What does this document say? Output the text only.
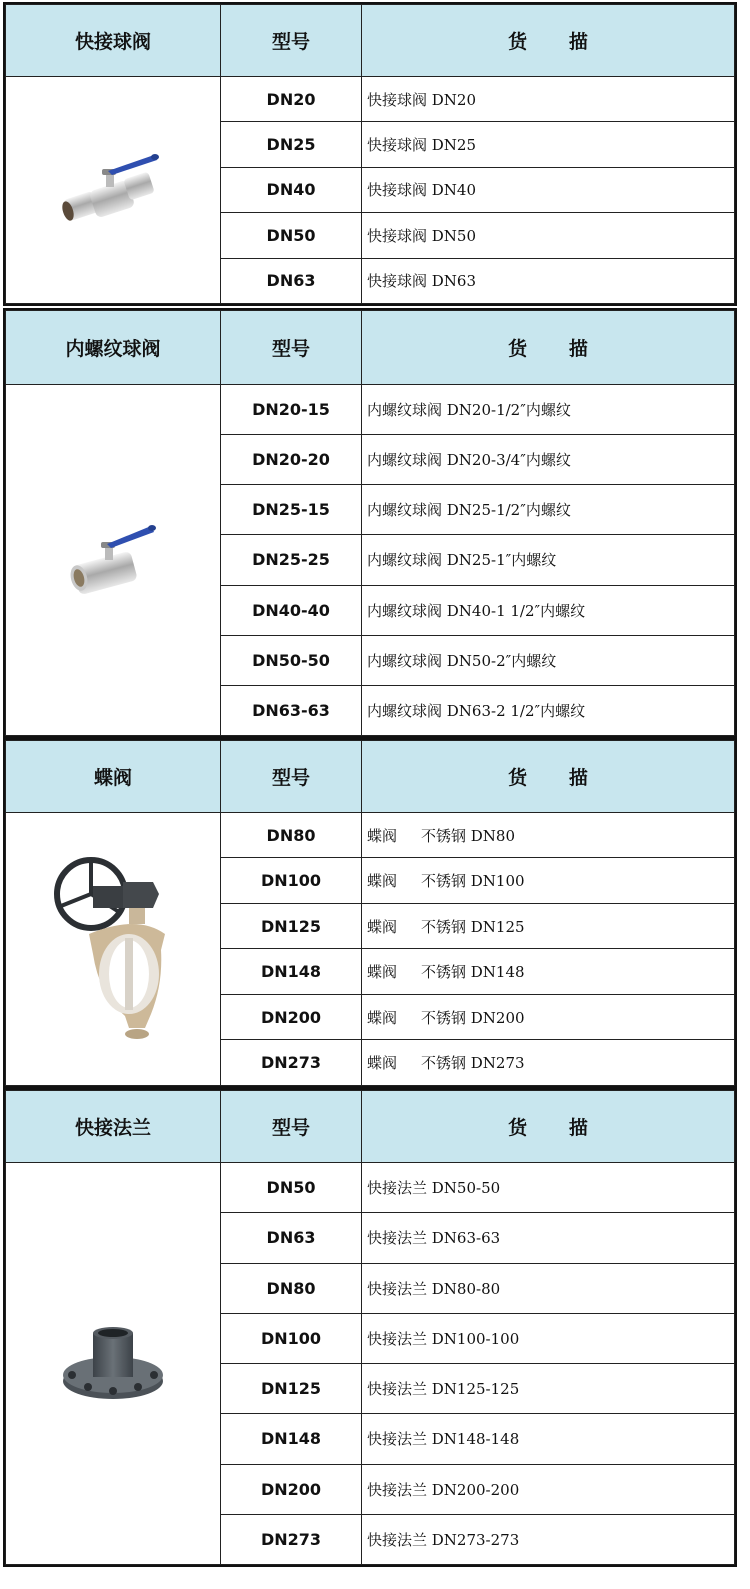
快接球阀	型号	货 描

	DN20	快接球阀 DN20
	DN25	快接球阀 DN25
	DN40	快接球阀 DN40
	DN50	快接球阀 DN50
	DN63	快接球阀 DN63
内螺纹球阀	型号	货 描

	DN20-15	内螺纹球阀 DN20-1/2″内螺纹
	DN20-20	内螺纹球阀 DN20-3/4″内螺纹
	DN25-15	内螺纹球阀 DN25-1/2″内螺纹
	DN25-25	内螺纹球阀 DN25-1″内螺纹
	DN40-40	内螺纹球阀 DN40-1 1/2″内螺纹
	DN50-50	内螺纹球阀 DN50-2″内螺纹
	DN63-63	内螺纹球阀 DN63-2 1/2″内螺纹
蝶阀	型号	货 描

	DN80	蝶阀 不锈钢 DN80
	DN100	蝶阀 不锈钢 DN100
	DN125	蝶阀 不锈钢 DN125
	DN148	蝶阀 不锈钢 DN148
	DN200	蝶阀 不锈钢 DN200
	DN273	蝶阀 不锈钢 DN273
快接法兰	型号	货 描

	DN50	快接法兰 DN50-50
	DN63	快接法兰 DN63-63
	DN80	快接法兰 DN80-80
	DN100	快接法兰 DN100-100
	DN125	快接法兰 DN125-125
	DN148	快接法兰 DN148-148
	DN200	快接法兰 DN200-200
	DN273	快接法兰 DN273-273
